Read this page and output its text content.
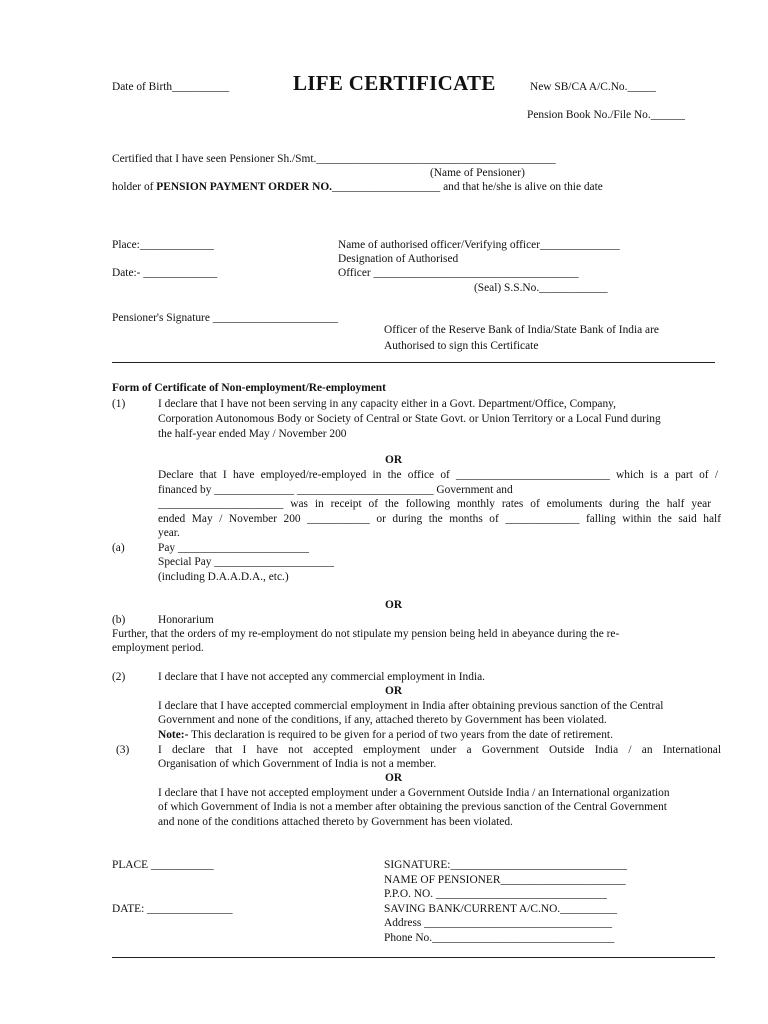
Date of Birth__________	LIFE CERTIFICATE	New SB/CA A/C.No._____
Pension Book No./File No.______
Certified that I have seen Pensioner Sh./Smt.__________________________________________
(Name of Pensioner)
holder of PENSION PAYMENT ORDER NO.___________________ and that he/she is alive on thie date
Place:_____________	Name of authorised officer/Verifying officer______________
Designation of Authorised
Date:- _____________	Officer ____________________________________
(Seal) S.S.No.____________
Pensioner's Signature ______________________
Officer of the Reserve Bank of India/State Bank of India are
Authorised to sign this Certificate
Form of Certificate of Non-employment/Re-employment
(1)	I declare that I have not been serving in any capacity either in a Govt. Department/Office, Company,
Corporation Autonomous Body or Society of Central or State Govt. or Union Territory or a Local Fund during
the half-year ended May / November 200
OR
Declare that I have employed/re-employed in the office of ___________________________ which is a part of /
financed by ______________ ________________________ Government and
______________________ was in receipt of the following monthly rates of emoluments during the half year
ended May / November 200 ___________ or during the months of _____________ falling within the said half
year.
(a)	Pay _______________________
Special Pay _____________________
(including D.A.A.D.A., etc.)
OR
(b)	Honorarium
Further, that the orders of my re-employment do not stipulate my pension being held in abeyance during the re-
employment period.
(2)	I declare that I have not accepted any commercial employment in India.
OR
I declare that I have accepted commercial employment in India after obtaining previous sanction of the Central
Government and none of the conditions, if any, attached thereto by Government has been violated.
Note:- This declaration is required to be given for a period of two years from the date of retirement.
(3)	I declare that I have not accepted employment under a Government Outside India / an International
Organisation of which Government of India is not a member.
OR
I declare that I have not accepted employment under a Government Outside India / an International organization
of which Government of India is not a member after obtaining the previous sanction of the Central Government
and none of the conditions attached thereto by Government has been violated.
PLACE ___________	SIGNATURE:_______________________________
NAME OF PENSIONER______________________
P.P.O. NO. ______________________________
DATE: _______________	SAVING BANK/CURRENT A/C.NO.__________
Address _________________________________
Phone No.________________________________
